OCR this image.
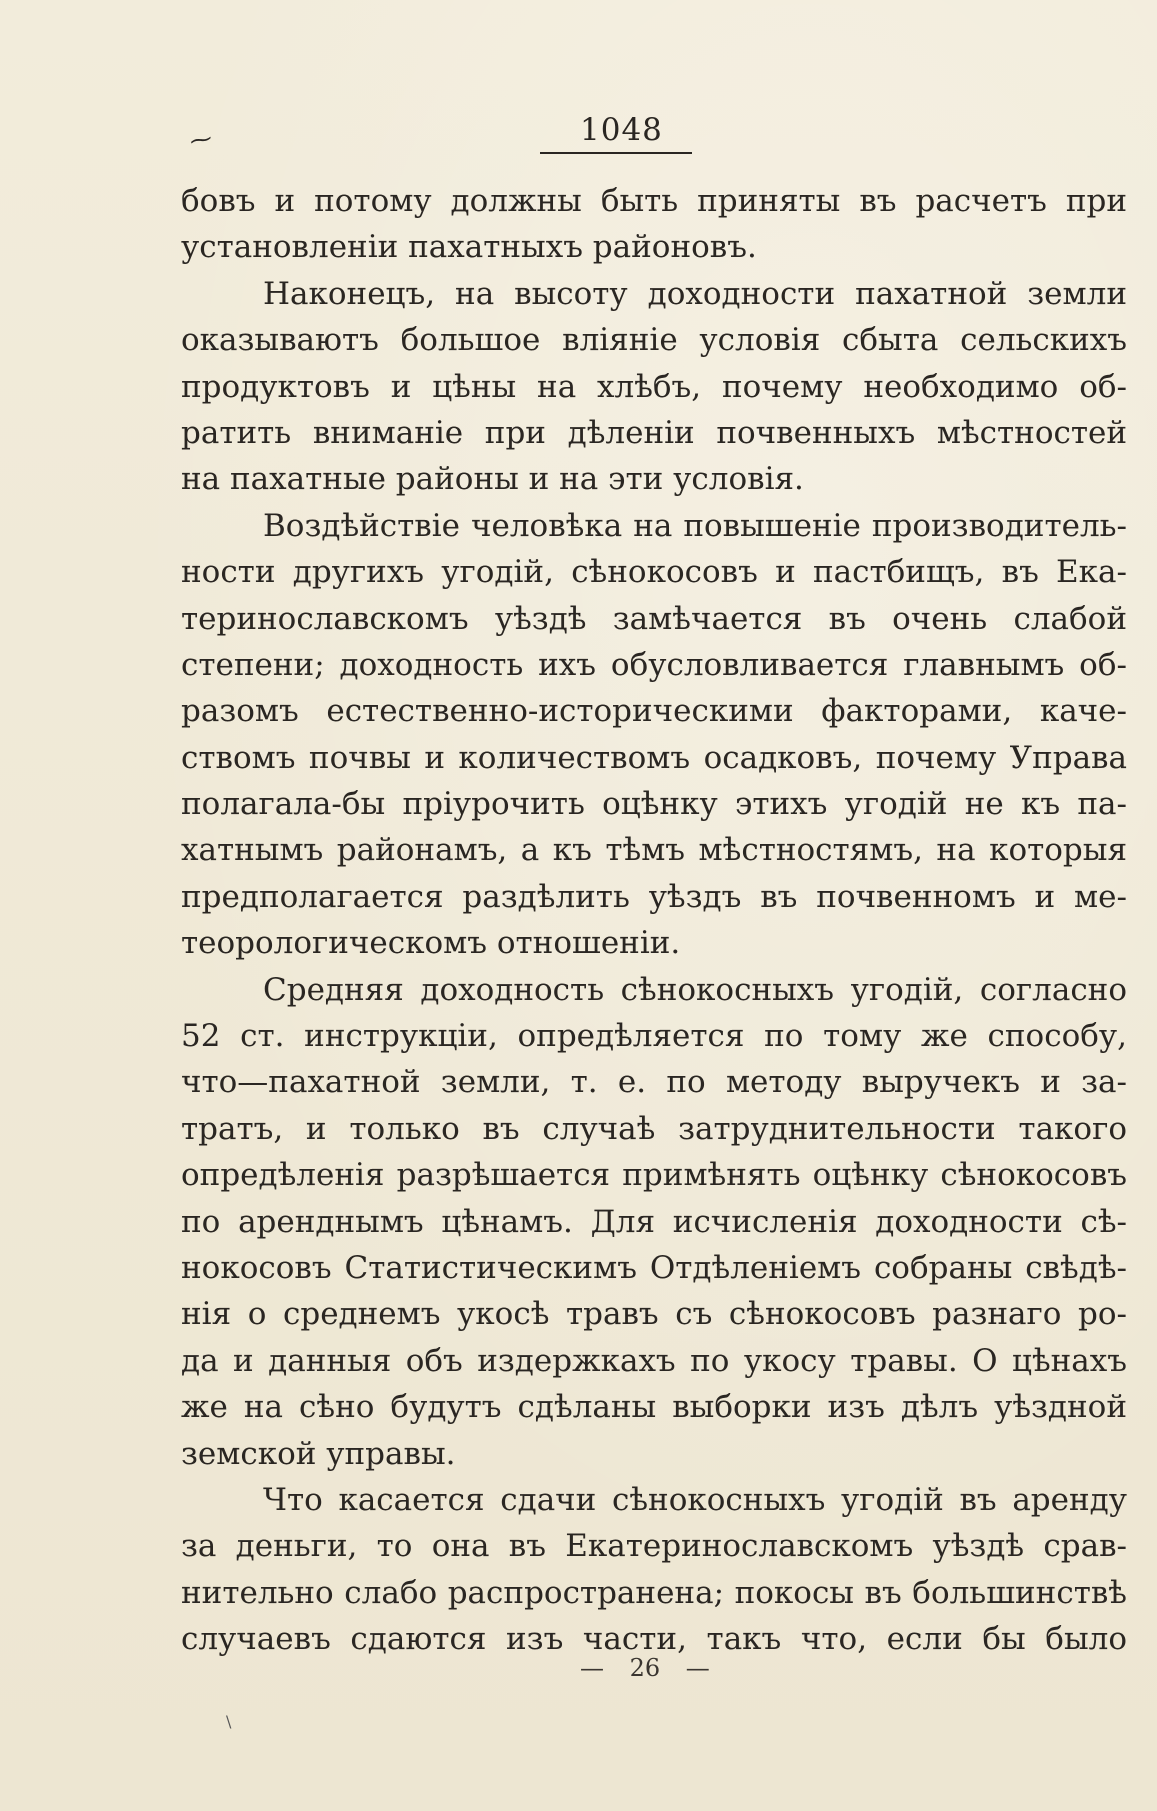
⁓	1048
бовъ и потому должны быть приняты въ расчетъ при
установленіи пахатныхъ районовъ.
Наконецъ, на высоту доходности пахатной земли
оказываютъ большое вліяніе условія сбыта сельскихъ
продуктовъ и цѣны на хлѣбъ, почему необходимо об-
ратить вниманіе при дѣленіи почвенныхъ мѣстностей
на пахатные районы и на эти условія.
Воздѣйствіе человѣка на повышеніе производитель-
ности другихъ угодій, сѣнокосовъ и пастбищъ, въ Ека-
теринославскомъ уѣздѣ замѣчается въ очень слабой
степени; доходность ихъ обусловливается главнымъ об-
разомъ естественно-историческими факторами, каче-
ствомъ почвы и количествомъ осадковъ, почему Управа
полагала-бы пріурочить оцѣнку этихъ угодій не къ па-
хатнымъ районамъ, а къ тѣмъ мѣстностямъ, на которыя
предполагается раздѣлить уѣздъ въ почвенномъ и ме-
теорологическомъ отношеніи.
Средняя доходность сѣнокосныхъ угодій, согласно
52 ст. инструкціи, опредѣляется по тому же способу,
что—пахатной земли, т. е. по методу выручекъ и за-
тратъ, и только въ случаѣ затруднительности такого
опредѣленія разрѣшается примѣнять оцѣнку сѣнокосовъ
по аренднымъ цѣнамъ. Для исчисленія доходности сѣ-
нокосовъ Статистическимъ Отдѣленіемъ собраны свѣдѣ-
нія о среднемъ укосѣ травъ съ сѣнокосовъ разнаго ро-
да и данныя объ издержкахъ по укосу травы. О цѣнахъ
же на сѣно будутъ сдѣланы выборки изъ дѣлъ уѣздной
земской управы.
Что касается сдачи сѣнокосныхъ угодій въ аренду
за деньги, то она въ Екатеринославскомъ уѣздѣ срав-
нительно слабо распространена; покосы въ большинствѣ
случаевъ сдаются изъ части, такъ что, если бы было
— 26 —
\
